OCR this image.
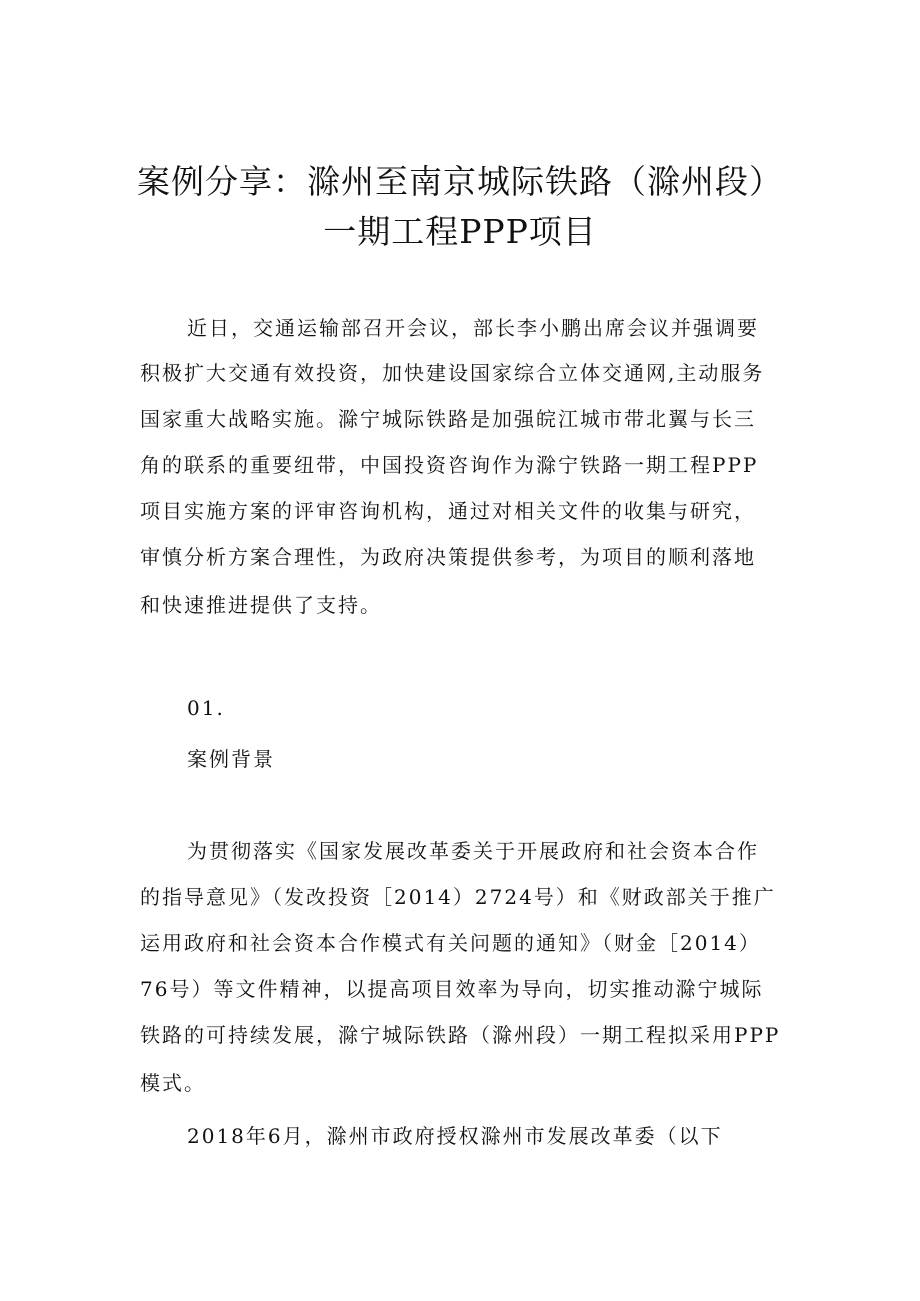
案例分享：滁州至南京城际铁路（滁州段）
一期工程PPP项目

近日，交通运输部召开会议，部长李小鹏出席会议并强调要

积极扩大交通有效投资，加快建设国家综合立体交通网,主动服务

国家重大战略实施。滁宁城际铁路是加强皖江城市带北翼与长三

角的联系的重要纽带，中国投资咨询作为滁宁铁路一期工程PPP

项目实施方案的评审咨询机构，通过对相关文件的收集与研究，

审慎分析方案合理性，为政府决策提供参考，为项目的顺利落地

和快速推进提供了支持。

01.

案例背景

为贯彻落实《国家发展改革委关于开展政府和社会资本合作

的指导意见》（发改投资［2014）2724号）和《财政部关于推广

运用政府和社会资本合作模式有关问题的通知》（财金［2014）

76号）等文件精神，以提高项目效率为导向，切实推动滁宁城际

铁路的可持续发展，滁宁城际铁路（滁州段）一期工程拟采用PPP

模式。

2018年6月，滁州市政府授权滁州市发展改革委（以下
